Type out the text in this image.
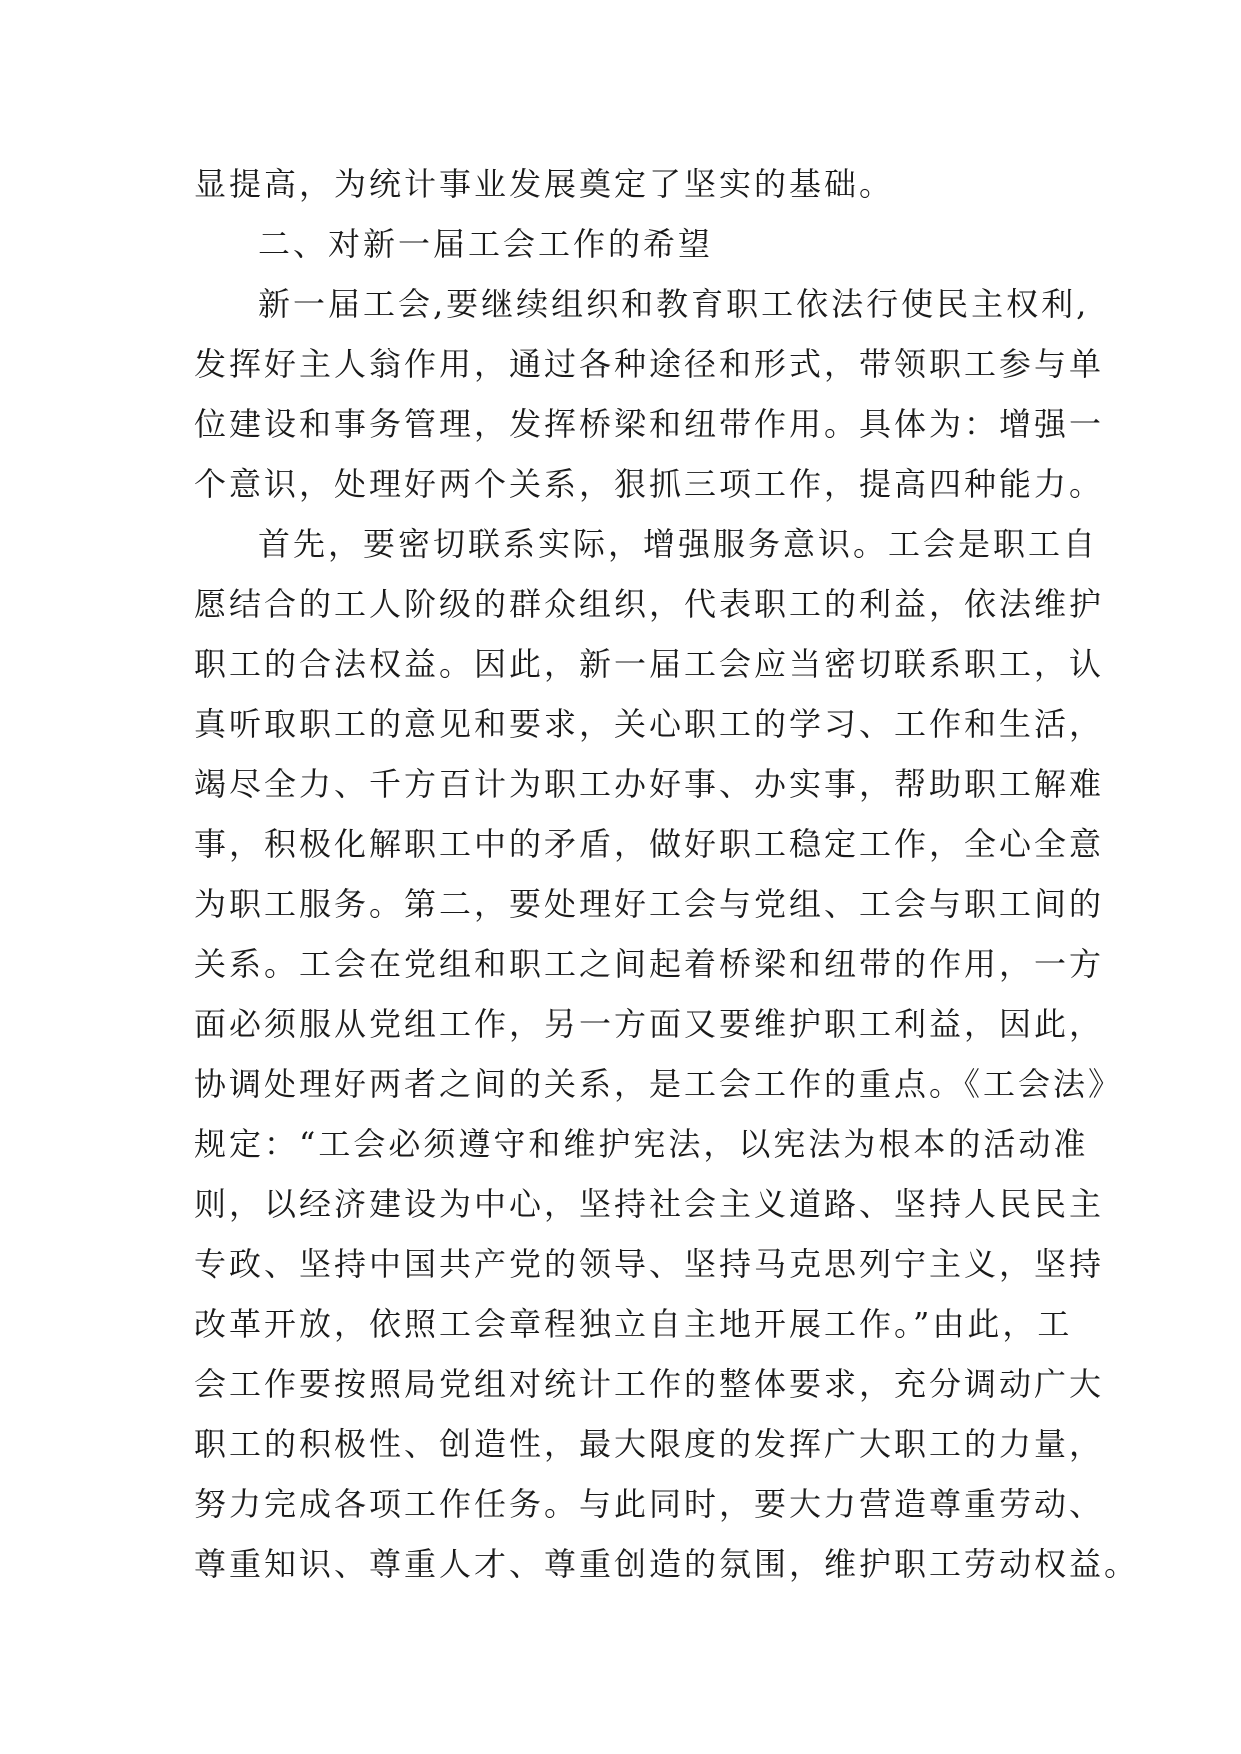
显提高，为统计事业发展奠定了坚实的基础。
二、对新一届工会工作的希望
新一届工会,要继续组织和教育职工依法行使民主权利,
发挥好主人翁作用，通过各种途径和形式，带领职工参与单
位建设和事务管理，发挥桥梁和纽带作用。具体为：增强一
个意识，处理好两个关系，狠抓三项工作，提高四种能力。
首先，要密切联系实际，增强服务意识。工会是职工自
愿结合的工人阶级的群众组织，代表职工的利益，依法维护
职工的合法权益。因此，新一届工会应当密切联系职工，认
真听取职工的意见和要求，关心职工的学习、工作和生活，
竭尽全力、千方百计为职工办好事、办实事，帮助职工解难
事，积极化解职工中的矛盾，做好职工稳定工作，全心全意
为职工服务。第二，要处理好工会与党组、工会与职工间的
关系。工会在党组和职工之间起着桥梁和纽带的作用，一方
面必须服从党组工作，另一方面又要维护职工利益，因此，
协调处理好两者之间的关系，是工会工作的重点。《工会法》
规定：“工会必须遵守和维护宪法，以宪法为根本的活动准
则，以经济建设为中心，坚持社会主义道路、坚持人民民主
专政、坚持中国共产党的领导、坚持马克思列宁主义，坚持
改革开放，依照工会章程独立自主地开展工作。”由此，工
会工作要按照局党组对统计工作的整体要求，充分调动广大
职工的积极性、创造性，最大限度的发挥广大职工的力量，
努力完成各项工作任务。与此同时，要大力营造尊重劳动、
尊重知识、尊重人才、尊重创造的氛围，维护职工劳动权益。
